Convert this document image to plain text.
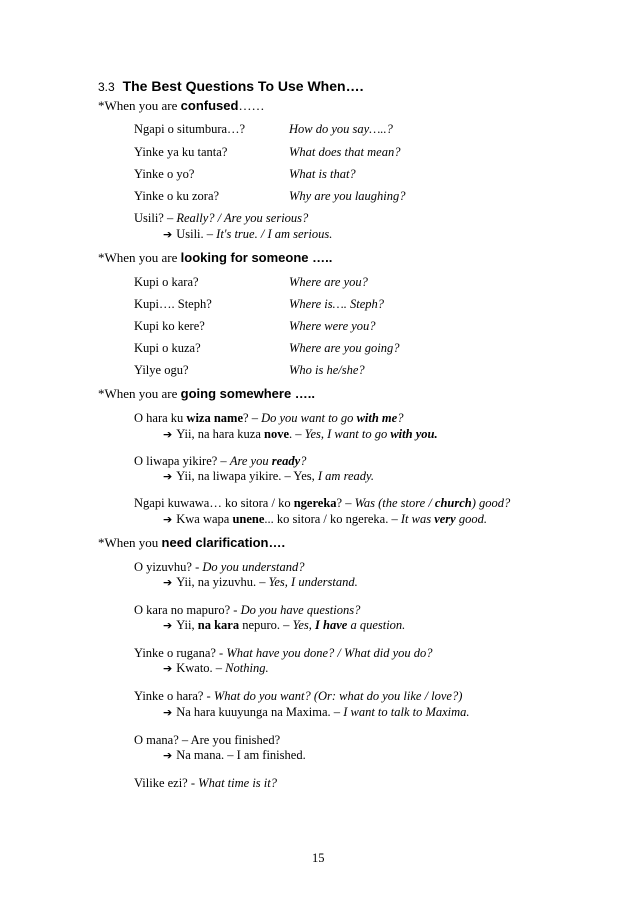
3.3 The Best Questions To Use When….
*When you are confused……
Ngapi o situmbura…?	How do you say…..?
Yinke ya ku tanta?	What does that mean?
Yinke o yo?	What is that?
Yinke o ku zora?	Why are you laughing?
Usili? – Really? / Are you serious?
➔ Usili. – It's true. / I am serious.
*When you are looking for someone …..
Kupi o kara?	Where are you?
Kupi…. Steph?	Where is…. Steph?
Kupi ko kere?	Where were you?
Kupi o kuza?	Where are you going?
Yilye ogu?	Who is he/she?
*When you are going somewhere …..
O hara ku wiza name? – Do you want to go with me?
➔ Yii, na hara kuza nove. – Yes, I want to go with you.
O liwapa yikire? – Are you ready?
➔ Yii, na liwapa yikire. – Yes, I am ready.
Ngapi kuwawa… ko sitora / ko ngereka? – Was (the store / church) good?
➔ Kwa wapa unene... ko sitora / ko ngereka. – It was very good.
*When you need clarification….
O yizuvhu? - Do you understand?
➔ Yii, na yizuvhu. – Yes, I understand.
O kara no mapuro? - Do you have questions?
➔ Yii, na kara nepuro. – Yes, I have a question.
Yinke o rugana? - What have you done? / What did you do?
➔ Kwato. – Nothing.
Yinke o hara? - What do you want? (Or: what do you like / love?)
➔ Na hara kuuyunga na Maxima. – I want to talk to Maxima.
O mana? – Are you finished?
➔ Na mana. – I am finished.
Vilike ezi? - What time is it?
15
